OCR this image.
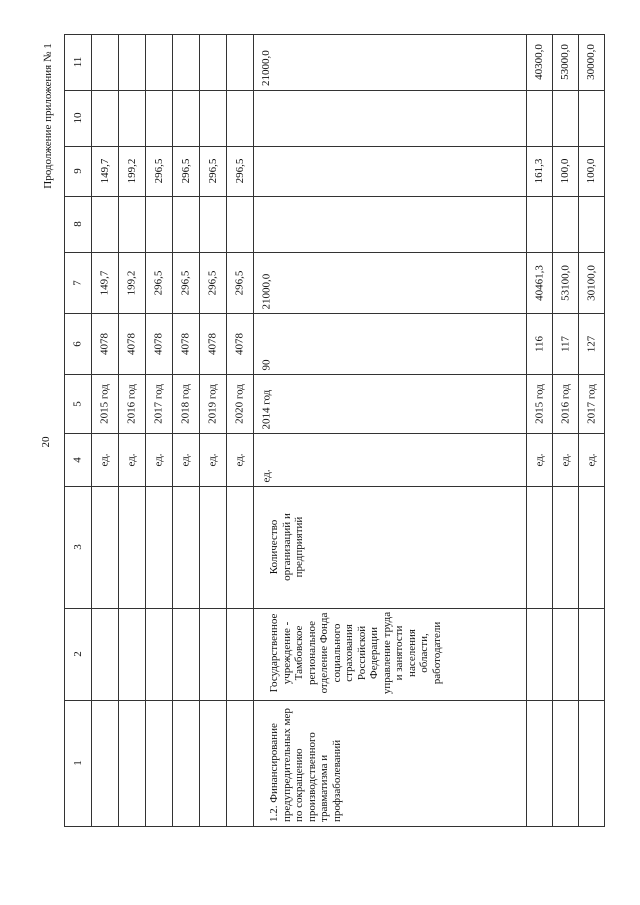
20
Продолжение приложения № 1
1
2
3
4
5
6
7
8
9
10
11
ед.
2015 год
4078
149,7
149,7
ед.
2016 год
4078
199,2
199,2
ед.
2017 год
4078
296,5
296,5
ед.
2018 год
4078
296,5
296,5
ед.
2019 год
4078
296,5
296,5
ед.
2020 год
4078
296,5
296,5
ед.
2014 год
90
21000,0
21000,0
ед.
2015 год
116
40461,3
161,3
40300,0
ед.
2016 год
117
53100,0
100,0
53000,0
ед.
2017 год
127
30100,0
100,0
30000,0
1.2. Финансирование предупредительных мер по сокращению производственного травматизма и профзаболеваний
Государственное учреждение - Тамбовское региональное отделение Фонда социального страхования Российской Федерации управление труда и занятости населения области, работодатели
Количество организаций и предприятий
